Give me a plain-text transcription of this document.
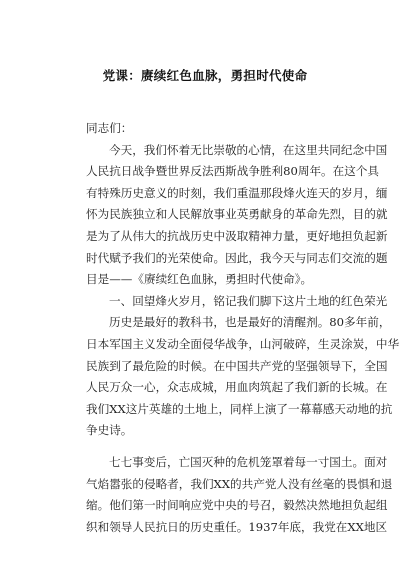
党课：赓续红色血脉，勇担时代使命
同志们：
今天，我们怀着无比崇敬的心情，在这里共同纪念中国
人民抗日战争暨世界反法西斯战争胜利80周年。在这个具
有特殊历史意义的时刻，我们重温那段烽火连天的岁月，缅
怀为民族独立和人民解放事业英勇献身的革命先烈，目的就
是为了从伟大的抗战历史中汲取精神力量，更好地担负起新
时代赋予我们的光荣使命。因此，我今天与同志们交流的题
目是——《赓续红色血脉，勇担时代使命》。
一、回望烽火岁月，铭记我们脚下这片土地的红色荣光
历史是最好的教科书，也是最好的清醒剂。80多年前，
日本军国主义发动全面侵华战争，山河破碎，生灵涂炭，中华
民族到了最危险的时候。在中国共产党的坚强领导下，全国
人民万众一心，众志成城，用血肉筑起了我们新的长城。在
我们XX这片英雄的土地上，同样上演了一幕幕感天动地的抗
争史诗。
七七事变后，亡国灭种的危机笼罩着每一寸国土。面对
气焰嚣张的侵略者，我们XX的共产党人没有丝毫的畏惧和退
缩。他们第一时间响应党中央的号召，毅然决然地担负起组
织和领导人民抗日的历史重任。1937年底，我党在XX地区
